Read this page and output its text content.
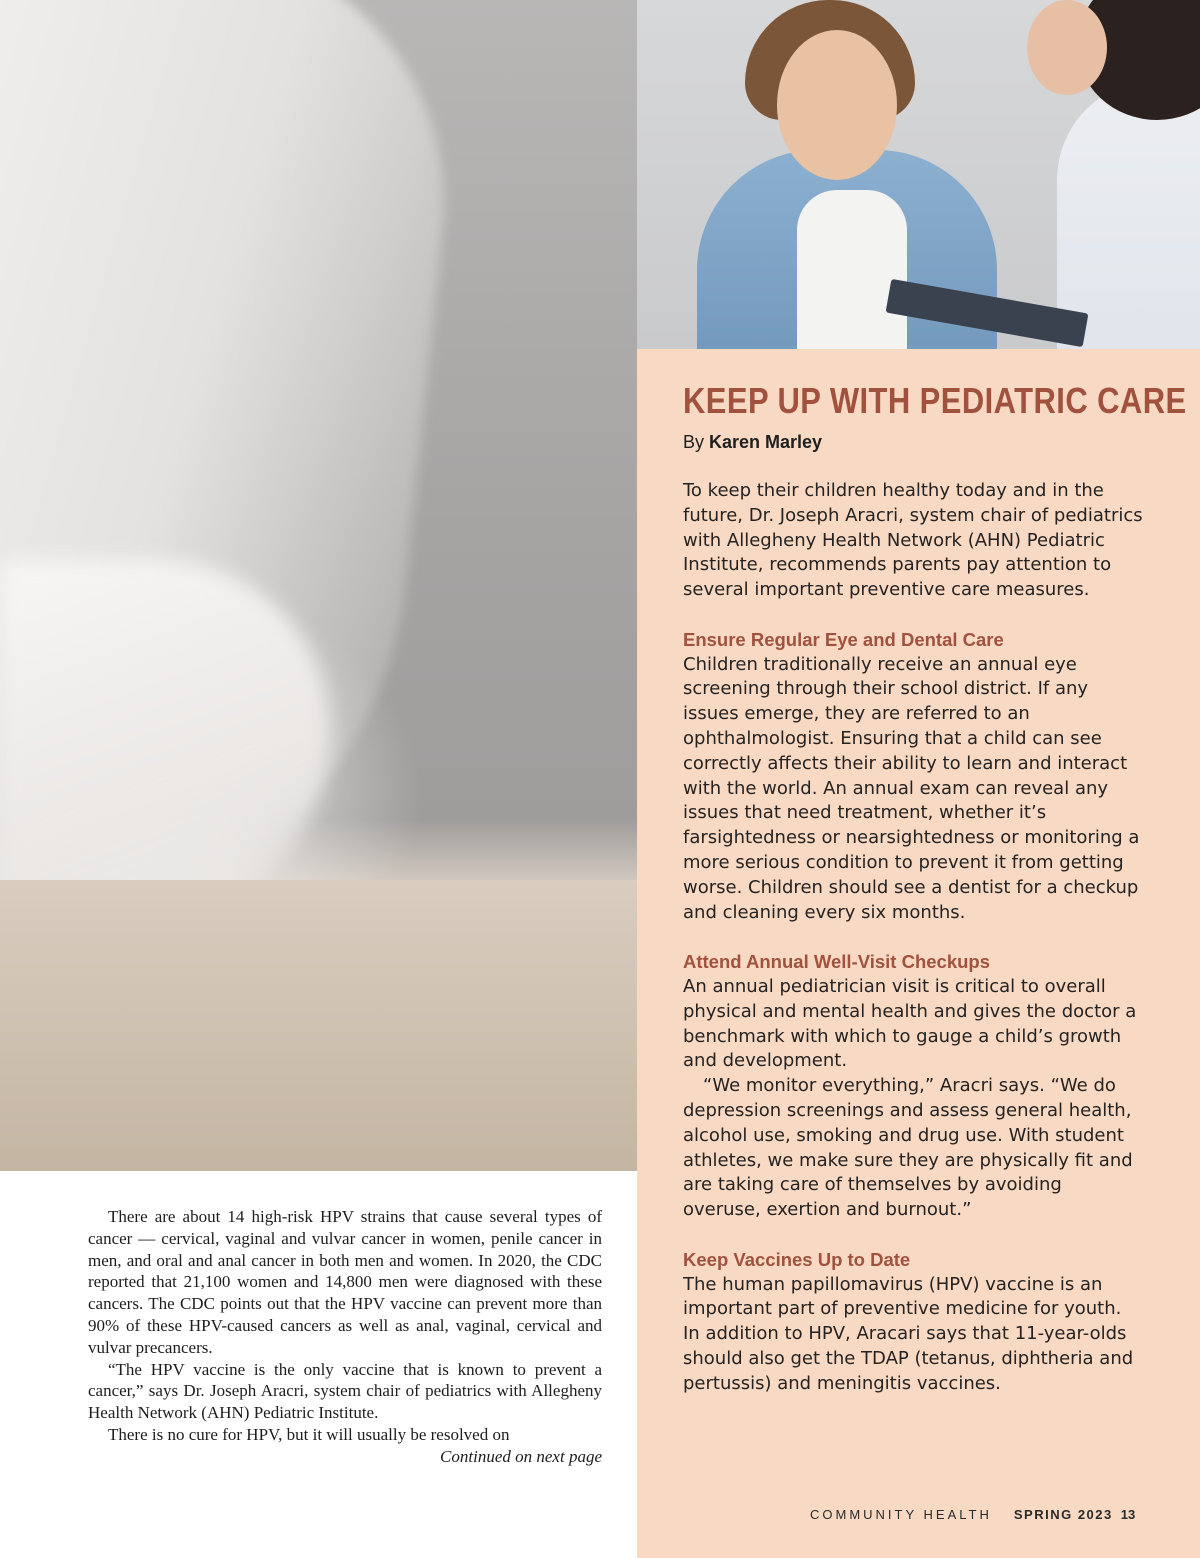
KEEP UP WITH PEDIATRIC CARE
By Karen Marley

To keep their children healthy today and in the future, Dr. Joseph Aracri, system chair of pediatrics with Allegheny Health Network (AHN) Pediatric Institute, recommends parents pay attention to several important preventive care measures.

Ensure Regular Eye and Dental Care

Children traditionally receive an annual eye screening through their school district. If any issues emerge, they are referred to an ophthalmologist. Ensuring that a child can see correctly affects their ability to learn and interact with the world. An annual exam can reveal any issues that need treatment, whether it’s farsightedness or nearsightedness or monitoring a more serious condition to prevent it from getting worse. Children should see a dentist for a checkup and cleaning every six months.

Attend Annual Well-Visit Checkups

An annual pediatrician visit is critical to overall physical and mental health and gives the doctor a benchmark with which to gauge a child’s growth and development.

“We monitor everything,” Aracri says. “We do depression screenings and assess general health, alcohol use, smoking and drug use. With student athletes, we make sure they are physically fit and are taking care of themselves by avoiding overuse, exertion and burnout.”

Keep Vaccines Up to Date

The human papillomavirus (HPV) vaccine is an important part of preventive medicine for youth. In addition to HPV, Aracari says that 11-year-olds should also get the TDAP (tetanus, diphtheria and pertussis) and meningitis vaccines.

COMMUNITY HEALTH SPRING 2023 13

There are about 14 high-risk HPV strains that cause several types of cancer — cervical, vaginal and vulvar cancer in women, penile cancer in men, and oral and anal cancer in both men and women. In 2020, the CDC reported that 21,100 women and 14,800 men were diagnosed with these cancers. The CDC points out that the HPV vaccine can prevent more than 90% of these HPV-caused cancers as well as anal, vaginal, cervical and vulvar precancers.

“The HPV vaccine is the only vaccine that is known to prevent a cancer,” says Dr. Joseph Aracri, system chair of pediatrics with Allegheny Health Network (AHN) Pediatric Institute.

There is no cure for HPV, but it will usually be resolved on

Continued on next page
